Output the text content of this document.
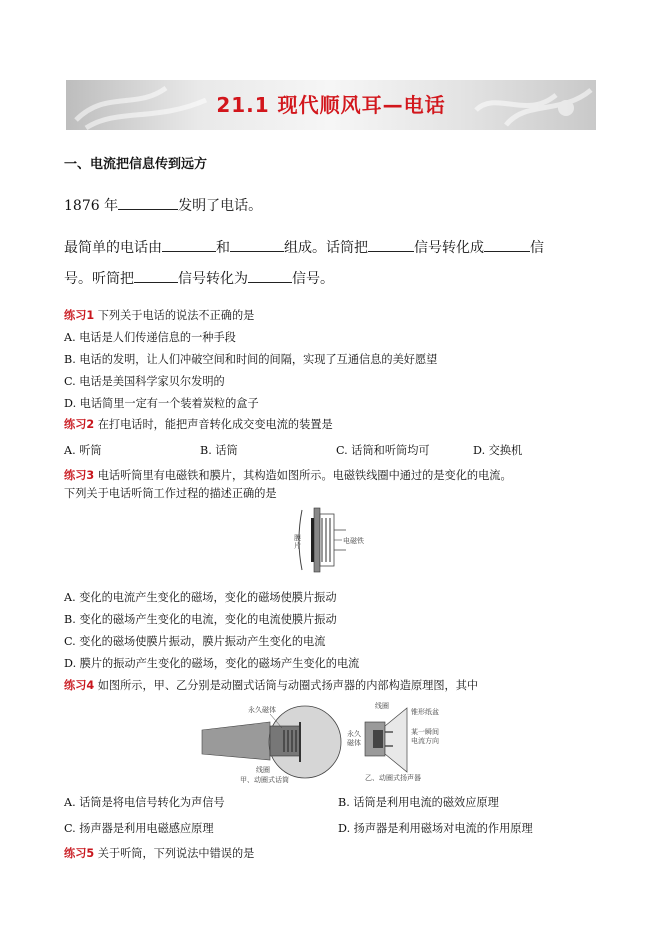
21.1 现代顺风耳—电话
一、电流把信息传到远方
1876 年	发明了电话。
最简单的电话由	和	组成。话筒把	信号转化成	信
号。听筒把	信号转化为	信号。
练习1 下列关于电话的说法不正确的是
A. 电话是人们传递信息的一种手段
B. 电话的发明，让人们冲破空间和时间的间隔，实现了互通信息的美好愿望
C. 电话是美国科学家贝尔发明的
D. 电话简里一定有一个装着炭粒的盒子
练习2 在打电话时，能把声音转化成交变电流的装置是
A. 听筒	B. 话筒	C. 话筒和听筒均可	D. 交换机
练习3 电话听筒里有电磁铁和膜片，其构造如图所示。电磁铁线圈中通过的是变化的电流。
下列关于电话听筒工作过程的描述正确的是
膜
片
电磁铁
A. 变化的电流产生变化的磁场，变化的磁场使膜片振动
B. 变化的磁场产生变化的电流，变化的电流使膜片振动
C. 变化的磁场使膜片振动，膜片振动产生变化的电流
D. 膜片的振动产生变化的磁场，变化的磁场产生变化的电流
练习4 如图所示，甲、乙分别是动圈式话筒与动圈式扬声器的内部构造原理图，其中
永久磁体
线圈
甲、动圈式话筒
线圈
锥形纸盆
永久
磁体
某一瞬间
电流方向
乙、动圈式扬声器
A. 话筒是将电信号转化为声信号	B. 话筒是利用电流的磁效应原理
C. 扬声器是利用电磁感应原理	D. 扬声器是利用磁场对电流的作用原理
练习5 关于听筒，下列说法中错误的是
